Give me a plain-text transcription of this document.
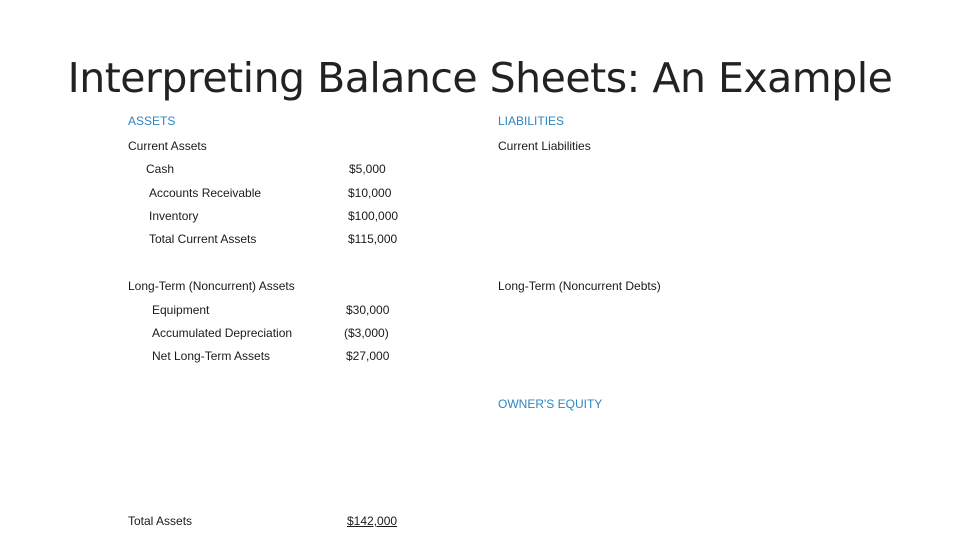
Interpreting Balance Sheets: An Example
ASSETS
Current Assets
Cash	$5,000
Accounts Receivable	$10,000
Inventory	$100,000
Total Current Assets	$115,000
Long-Term (Noncurrent) Assets
Equipment	$30,000
Accumulated Depreciation	($3,000)
Net Long-Term Assets	$27,000
Total Assets	$142,000
LIABILITIES
Current Liabilities
Long-Term (Noncurrent Debts)
OWNER'S EQUITY
